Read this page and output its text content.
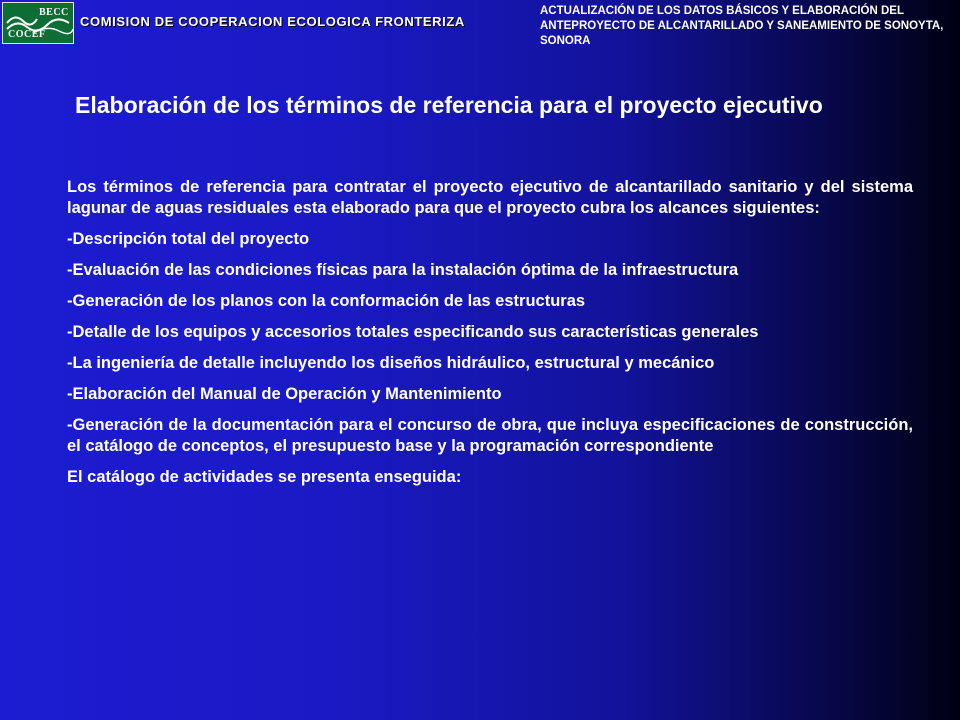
BECC
COCEF
COMISION DE COOPERACION ECOLOGICA FRONTERIZA
ACTUALIZACIÓN DE LOS DATOS BÁSICOS Y ELABORACIÓN DEL ANTEPROYECTO DE ALCANTARILLADO Y SANEAMIENTO DE SONOYTA, SONORA
Elaboración de los términos de referencia para el proyecto ejecutivo

Los términos de referencia para contratar el proyecto ejecutivo de alcantarillado sanitario y del sistema lagunar de aguas residuales esta elaborado para que el proyecto cubra los alcances siguientes:

-Descripción total del proyecto

-Evaluación de las condiciones físicas para la instalación óptima de la infraestructura

-Generación de los planos con la conformación de las estructuras

-Detalle de los equipos y accesorios totales especificando sus características generales

-La ingeniería de detalle incluyendo los diseños hidráulico, estructural y mecánico

-Elaboración del Manual de Operación y Mantenimiento

-Generación de la documentación para el concurso de obra, que incluya especificaciones de construcción, el catálogo de conceptos, el presupuesto base y la programación correspondiente

El catálogo de actividades se presenta enseguida:
